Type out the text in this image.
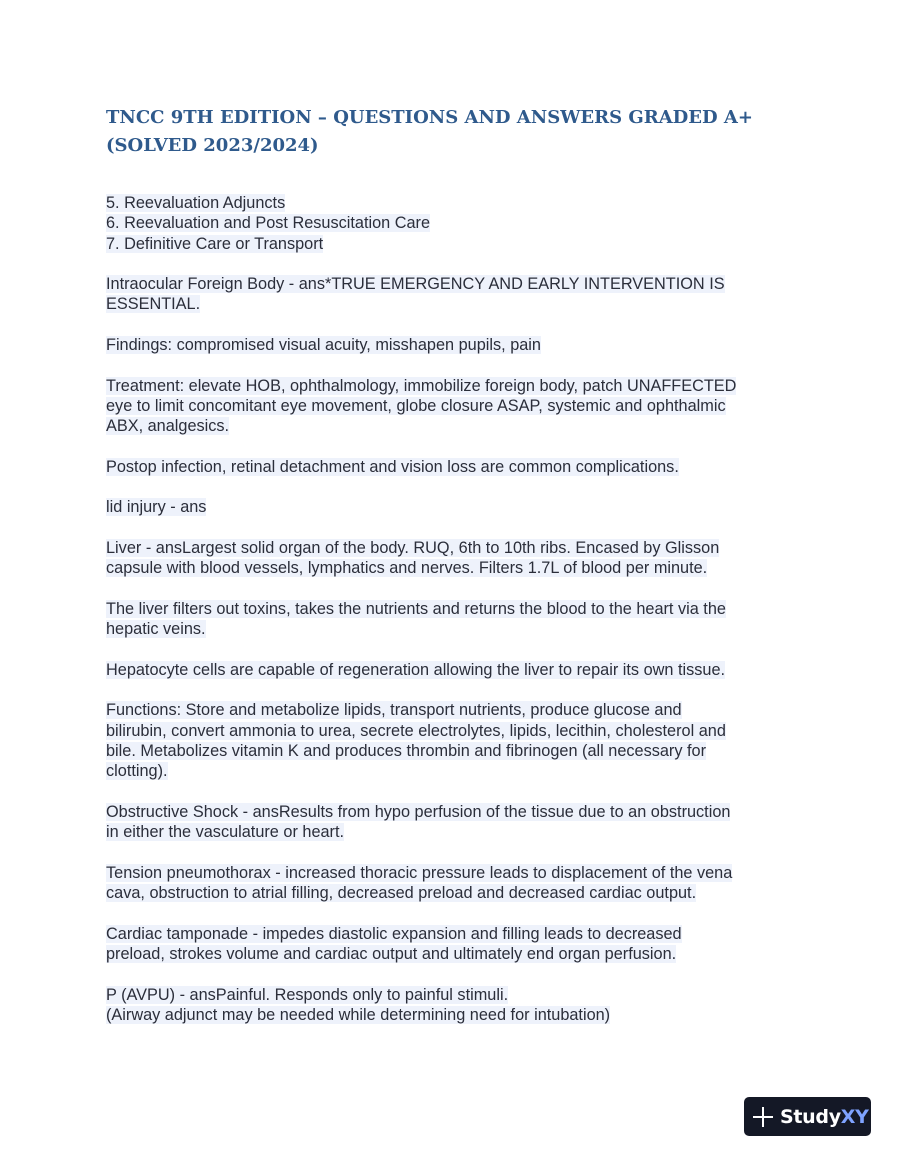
TNCC 9TH EDITION – QUESTIONS AND ANSWERS GRADED A+ (SOLVED 2023/2024)
5. Reevaluation Adjuncts
6. Reevaluation and Post Resuscitation Care
7. Definitive Care or Transport
Intraocular Foreign Body - ans*TRUE EMERGENCY AND EARLY INTERVENTION IS
ESSENTIAL.
Findings: compromised visual acuity, misshapen pupils, pain
Treatment: elevate HOB, ophthalmology, immobilize foreign body, patch UNAFFECTED
eye to limit concomitant eye movement, globe closure ASAP, systemic and ophthalmic
ABX, analgesics.
Postop infection, retinal detachment and vision loss are common complications.
lid injury - ans
Liver - ansLargest solid organ of the body. RUQ, 6th to 10th ribs. Encased by Glisson
capsule with blood vessels, lymphatics and nerves. Filters 1.7L of blood per minute.
The liver filters out toxins, takes the nutrients and returns the blood to the heart via the
hepatic veins.
Hepatocyte cells are capable of regeneration allowing the liver to repair its own tissue.
Functions: Store and metabolize lipids, transport nutrients, produce glucose and
bilirubin, convert ammonia to urea, secrete electrolytes, lipids, lecithin, cholesterol and
bile. Metabolizes vitamin K and produces thrombin and fibrinogen (all necessary for
clotting).
Obstructive Shock - ansResults from hypo perfusion of the tissue due to an obstruction
in either the vasculature or heart.
Tension pneumothorax - increased thoracic pressure leads to displacement of the vena
cava, obstruction to atrial filling, decreased preload and decreased cardiac output.
Cardiac tamponade - impedes diastolic expansion and filling leads to decreased
preload, strokes volume and cardiac output and ultimately end organ perfusion.
P (AVPU) - ansPainful. Responds only to painful stimuli.
(Airway adjunct may be needed while determining need for intubation)
StudyXY
